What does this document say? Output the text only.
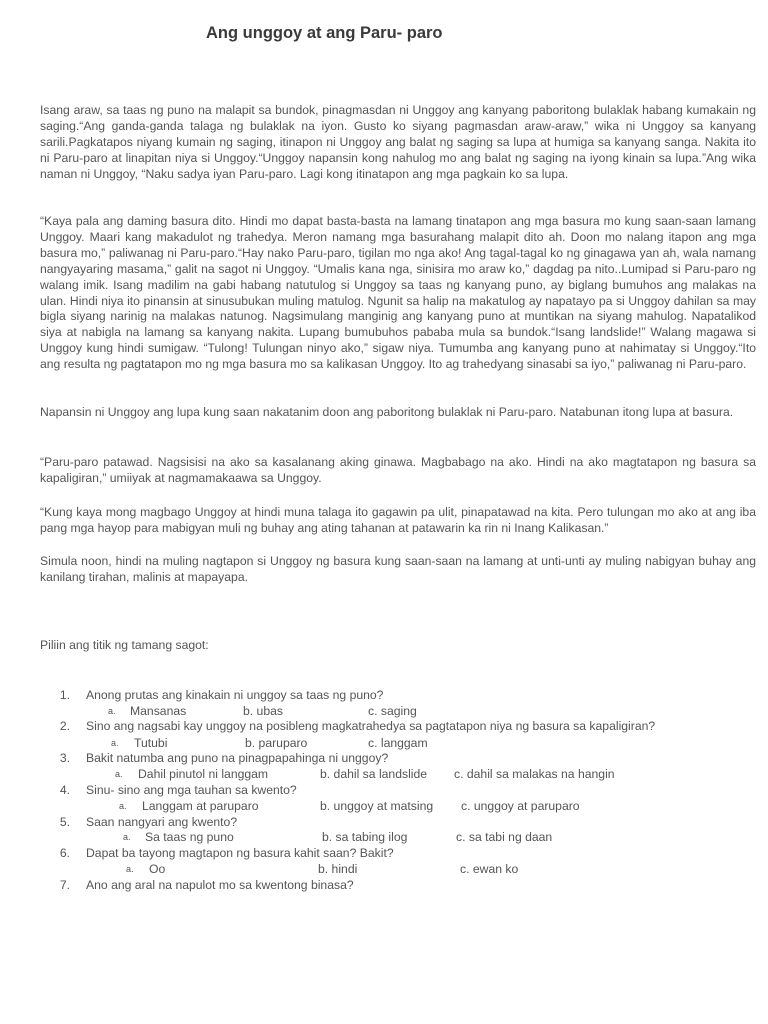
Ang unggoy at ang Paru- paro

Isang araw, sa taas ng puno na malapit sa bundok, pinagmasdan ni Unggoy ang kanyang paboritong bulaklak habang kumakain ng saging.“Ang ganda-ganda talaga ng bulaklak na iyon. Gusto ko siyang pagmasdan araw-araw,” wika ni Unggoy sa kanyang sarili.Pagkatapos niyang kumain ng saging, itinapon ni Unggoy ang balat ng saging sa lupa at humiga sa kanyang sanga. Nakita ito ni Paru-paro at linapitan niya si Unggoy.“Unggoy napansin kong nahulog mo ang balat ng saging na iyong kinain sa lupa.”Ang wika naman ni Unggoy, “Naku sadya iyan Paru-paro. Lagi kong itinatapon ang mga pagkain ko sa lupa.

“Kaya pala ang daming basura dito. Hindi mo dapat basta-basta na lamang tinatapon ang mga basura mo kung saan-saan lamang Unggoy. Maari kang makadulot ng trahedya. Meron namang mga basurahang malapit dito ah. Doon mo nalang itapon ang mga basura mo,” paliwanag ni Paru-paro.“Hay nako Paru-paro, tigilan mo nga ako! Ang tagal-tagal ko ng ginagawa yan ah, wala namang nangyayaring masama,” galit na sagot ni Unggoy. “Umalis kana nga, sinisira mo araw ko,” dagdag pa nito..Lumipad si Paru-paro ng walang imik. Isang madilim na gabi habang natutulog si Unggoy sa taas ng kanyang puno, ay biglang bumuhos ang malakas na ulan. Hindi niya ito pinansin at sinusubukan muling matulog. Ngunit sa halip na makatulog ay napatayo pa si Unggoy dahilan sa may bigla siyang narinig na malakas natunog. Nagsimulang manginig ang kanyang puno at muntikan na siyang mahulog. Napatalikod siya at nabigla na lamang sa kanyang nakita. Lupang bumubuhos pababa mula sa bundok.“Isang landslide!” Walang magawa si Unggoy kung hindi sumigaw. “Tulong! Tulungan ninyo ako,” sigaw niya. Tumumba ang kanyang puno at nahimatay si Unggoy.“Ito ang resulta ng pagtatapon mo ng mga basura mo sa kalikasan Unggoy. Ito ag trahedyang sinasabi sa iyo,” paliwanag ni Paru-paro.

Napansin ni Unggoy ang lupa kung saan nakatanim doon ang paboritong bulaklak ni Paru-paro. Natabunan itong lupa at basura.

“Paru-paro patawad. Nagsisisi na ako sa kasalanang aking ginawa. Magbabago na ako. Hindi na ako magtatapon ng basura sa kapaligiran,” umiiyak at nagmamakaawa sa Unggoy.

“Kung kaya mong magbago Unggoy at hindi muna talaga ito gagawin pa ulit, pinapatawad na kita. Pero tulungan mo ako at ang iba pang mga hayop para mabigyan muli ng buhay ang ating tahanan at patawarin ka rin ni Inang Kalikasan.”

Simula noon, hindi na muling nagtapon si Unggoy ng basura kung saan-saan na lamang at unti-unti ay muling nabigyan buhay ang kanilang tirahan, malinis at mapayapa.

Piliin ang titik ng tamang sagot:
1. Anong prutas ang kinakain ni unggoy sa taas ng puno?
a. Mansanas	b. ubas	c. saging
2. Sino ang nagsabi kay unggoy na posibleng magkatrahedya sa pagtatapon niya ng basura sa kapaligiran?
a. Tutubi	b. paruparo	c. langgam
3. Bakit natumba ang puno na pinagpapahinga ni unggoy?
a. Dahil pinutol ni langgam	b. dahil sa landslide c. dahil sa malakas na hangin
4. Sinu- sino ang mga tauhan sa kwento?
a. Langgam at paruparo	b. unggoy at matsing c. unggoy at paruparo
5. Saan nangyari ang kwento?
a. Sa taas ng puno	b. sa tabing ilog	c. sa tabi ng daan
6. Dapat ba tayong magtapon ng basura kahit saan? Bakit?
a. Oo	b. hindi	c. ewan ko
7. Ano ang aral na napulot mo sa kwentong binasa?
